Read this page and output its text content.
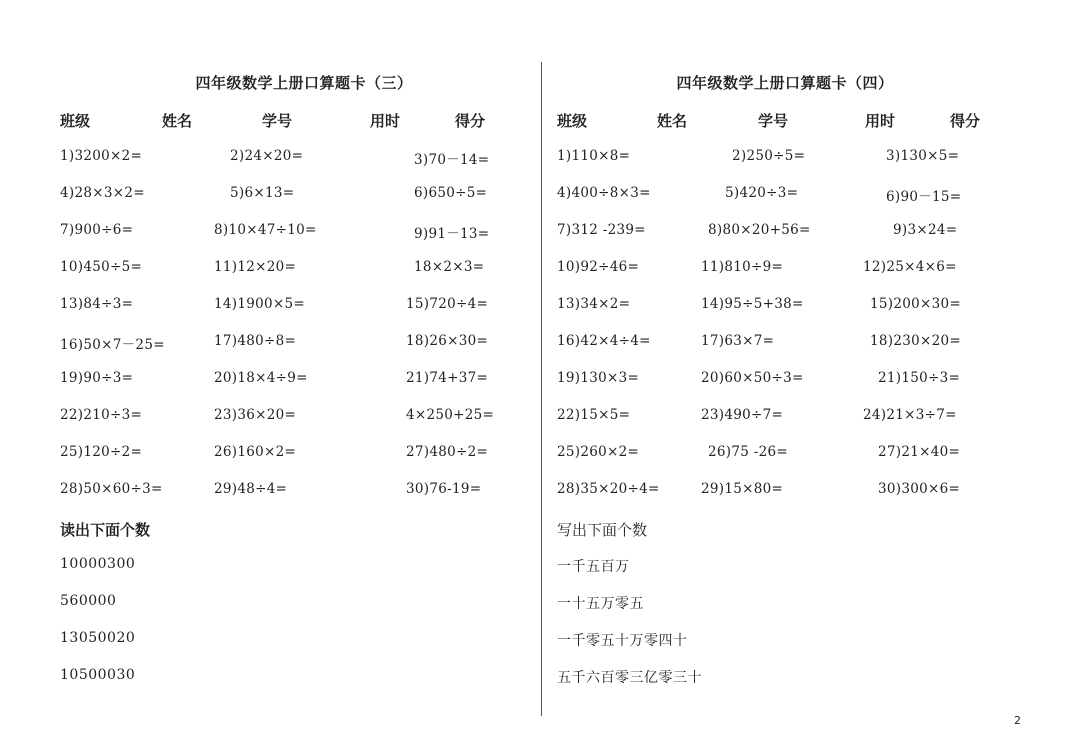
四年级数学上册口算题卡（三）
班级	姓名	学号	用时	得分
1)3200×2=	2)24×20=	3)70－14=
4)28×3×2=	5)6×13=	6)650÷5=
7)900÷6=	8)10×47÷10=	9)91－13=
10)450÷5=	11)12×20=	18×2×3=
13)84÷3=	14)1900×5=	15)720÷4=
16)50×7－25=	17)480÷8=	18)26×30=
19)90÷3=	20)18×4÷9=	21)74+37=
22)210÷3=	23)36×20=	4×250+25=
25)120÷2=	26)160×2=	27)480÷2=
28)50×60÷3=	29)48÷4=	30)76-19=
读出下面个数
10000300
560000
13050020
10500030
四年级数学上册口算题卡（四）
班级	姓名	学号	用时	得分
1)110×8=	2)250÷5=	3)130×5=
4)400÷8×3=	5)420÷3=	6)90－15=
7)312 -239=	8)80×20+56=	9)3×24=
10)92÷46=	11)810÷9=	12)25×4×6=
13)34×2=	14)95÷5+38=	15)200×30=
16)42×4÷4=	17)63×7=	18)230×20=
19)130×3=	20)60×50÷3=	21)150÷3=
22)15×5=	23)490÷7=	24)21×3÷7=
25)260×2=	26)75 -26=	27)21×40=
28)35×20÷4=	29)15×80=	30)300×6=
写出下面个数
一千五百万
一十五万零五
一千零五十万零四十
五千六百零三亿零三十
2
